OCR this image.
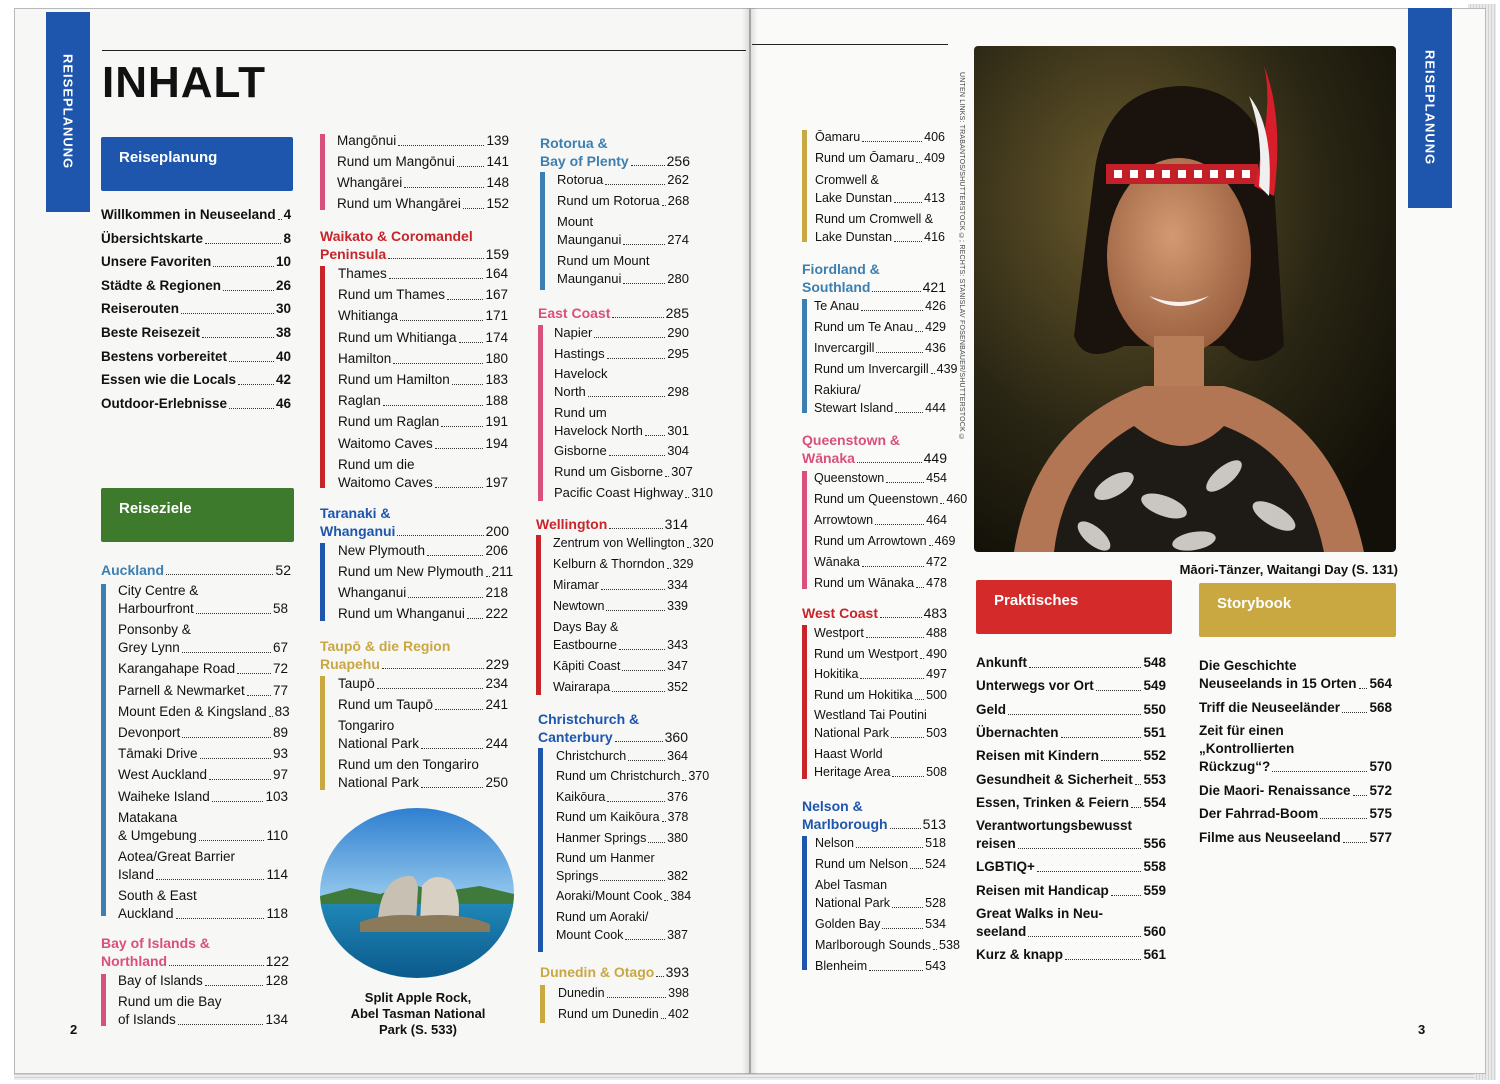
REISEPLANUNG INHALT
Reiseplanung
Reiseziele
Split Apple Rock,
Abel Tasman National
Park (S. 533)
2
REISEPLANUNG
UNTEN LINKS: TRABANTOS/SHUTTERSTOCK ©; RECHTS: STANISLAV FOSENBAUER/SHUTTERSTOCK ©
Māori-Tänzer, Waitangi Day (S. 131)
Praktisches	Storybook
3
Willkommen in Neuseeland 4
Übersichtskarte	8
Unsere Favoriten	10
Städte & Regionen	26
Reiserouten	30
Beste Reisezeit	38
Bestens vorbereitet	40
Essen wie die Locals	42
Outdoor-Erlebnisse	46
Auckland	52
City Centre &
Harbourfront	58
Ponsonby &
Grey Lynn	67
Karangahape Road	72
Parnell & Newmarket 77
Mount Eden & Kingsland 83
Devonport	89
Tāmaki Drive	93
West Auckland	97
Waiheke Island	103
Matakana
& Umgebung	110
Aotea/Great Barrier
Island	114
South & East
Auckland	118
Bay of Islands &
Northland	122
Bay of Islands	128
Rund um die Bay
of Islands	134
Mangōnui	139
Rund um Mangōnui 141
Whangārei	148
Rund um Whangārei 152
Waikato & Coromandel
Peninsula	159
Thames	164
Rund um Thames	167
Whitianga	171
Rund um Whitianga 174
Hamilton	180
Rund um Hamilton	183
Raglan	188
Rund um Raglan	191
Waitomo Caves	194
Rund um die
Waitomo Caves	197
Taranaki &
Whanganui	200
New Plymouth	206
Rund um New Plymouth 211
Whanganui	218
Rund um Whanganui 222
Taupō & die Region
Ruapehu	229
Taupō	234
Rund um Taupō	241
Tongariro
National Park	244
Rund um den Tongariro
National Park	250
Rotorua &
Bay of Plenty	256
Rotorua	262
Rund um Rotorua 268
Mount
Maunganui	274
Rund um Mount
Maunganui	280
East Coast	285
Napier	290
Hastings	295
Havelock
North	298
Rund um
Havelock North 301
Gisborne	304
Rund um Gisborne 307
Pacific Coast Highway 310
Wellington	314
Zentrum von Wellington 320
Kelburn & Thorndon 329
Miramar	334
Newtown	339
Days Bay &
Eastbourne	343
Kāpiti Coast	347
Wairarapa	352
Christchurch &
Canterbury	360
Christchurch	364
Rund um Christchurch 370
Kaikōura	376
Rund um Kaikōura 378
Hanmer Springs 380
Rund um Hanmer
Springs	382
Aoraki/Mount Cook 384
Rund um Aoraki/
Mount Cook	387
Dunedin & Otago 393
Dunedin	398
Rund um Dunedin 402
Ōamaru	406
Rund um Ōamaru 409
Cromwell &
Lake Dunstan	413
Rund um Cromwell &
Lake Dunstan	416
Fiordland &
Southland	421
Te Anau	426
Rund um Te Anau 429
Invercargill	436
Rund um Invercargill 439
Rakiura/
Stewart Island	444
Queenstown &
Wānaka	449
Queenstown	454
Rund um Queenstown 460
Arrowtown	464
Rund um Arrowtown 469
Wānaka	472
Rund um Wānaka 478
West Coast	483
Westport	488
Rund um Westport 490
Hokitika	497
Rund um Hokitika 500
Westland Tai Poutini
National Park	503
Haast World
Heritage Area	508
Nelson &
Marlborough	513
Nelson	518
Rund um Nelson 524
Abel Tasman
National Park	528
Golden Bay	534
Marlborough Sounds 538
Blenheim	543
Ankunft	548
Unterwegs vor Ort	549
Geld	550
Übernachten	551
Reisen mit Kindern	552
Gesundheit & Sicherheit 553
Essen, Trinken & Feiern 554
Verantwortungsbewusst
reisen	556
LGBTIQ+	558
Reisen mit Handicap	559
Great Walks in Neu-
seeland	560
Kurz & knapp	561
Die Geschichte
Neuseelands in 15 Orten 564
Triff die Neuseeländer 568
Zeit für einen
„Kontrollierten
Rückzug“?	570
Die Maori- Renaissance 572
Der Fahrrad-Boom	575
Filme aus Neuseeland 577
